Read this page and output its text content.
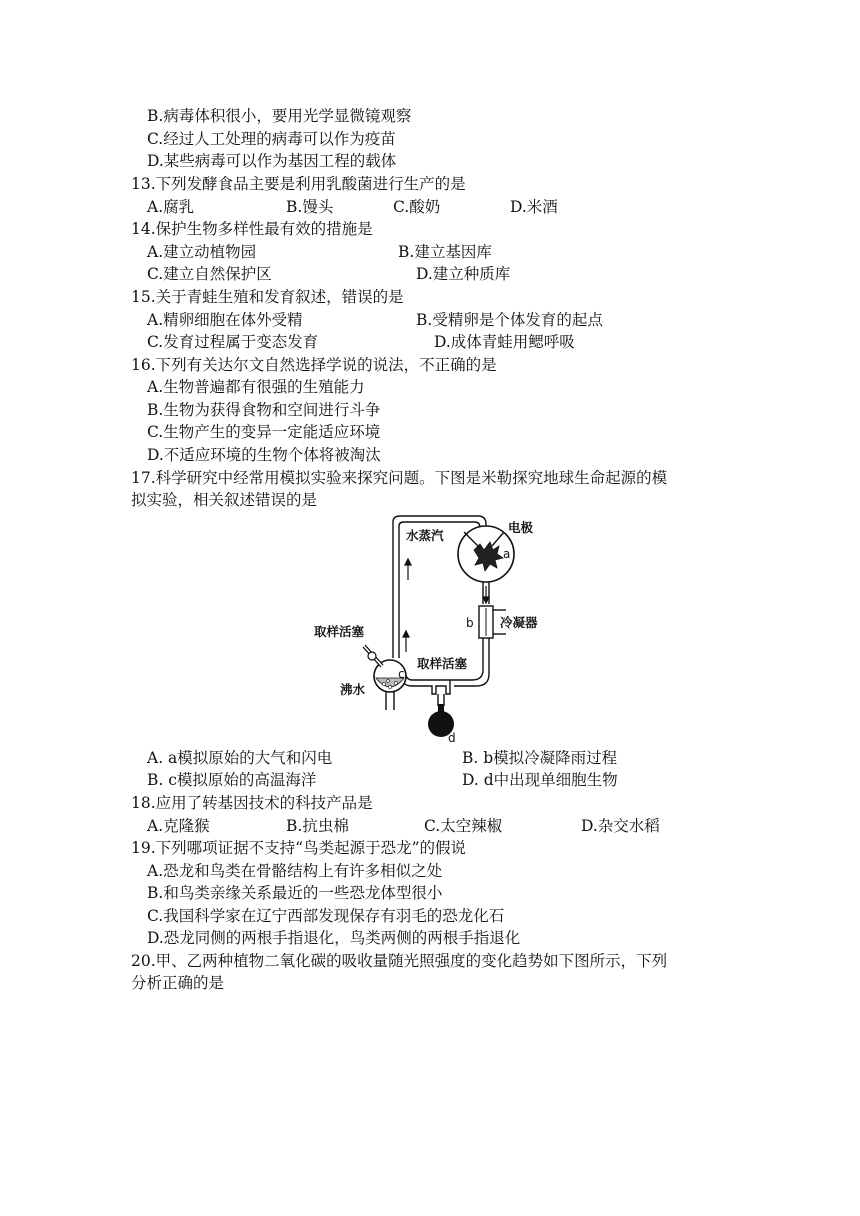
B.病毒体积很小，要用光学显微镜观察
C.经过人工处理的病毒可以作为疫苗
D.某些病毒可以作为基因工程的载体
13.下列发酵食品主要是利用乳酸菌进行生产的是
A.腐乳	B.馒头	C.酸奶	D.米酒
14.保护生物多样性最有效的措施是
A.建立动植物园	B.建立基因库
C.建立自然保护区	D.建立种质库
15.关于青蛙生殖和发育叙述，错误的是
A.精卵细胞在体外受精	B.受精卵是个体发育的起点
C.发育过程属于变态发育	D.成体青蛙用鳃呼吸
16.下列有关达尔文自然选择学说的说法，不正确的是
A.生物普遍都有很强的生殖能力
B.生物为获得食物和空间进行斗争
C.生物产生的变异一定能适应环境
D.不适应环境的生物个体将被淘汰
17.科学研究中经常用模拟实验来探究问题。下图是米勒探究地球生命起源的模
拟实验，相关叙述错误的是
水蒸汽
电极
冷凝器
取样活塞
取样活塞
沸水
a
b
c
d
A. a模拟原始的大气和闪电	B. b模拟冷凝降雨过程
B. c模拟原始的高温海洋	D. d中出现单细胞生物
18.应用了转基因技术的科技产品是
A.克隆猴	B.抗虫棉	C.太空辣椒	D.杂交水稻
19.下列哪项证据不支持“鸟类起源于恐龙”的假说
A.恐龙和鸟类在骨骼结构上有许多相似之处
B.和鸟类亲缘关系最近的一些恐龙体型很小
C.我国科学家在辽宁西部发现保存有羽毛的恐龙化石
D.恐龙同侧的两根手指退化，鸟类两侧的两根手指退化
20.甲、乙两种植物二氧化碳的吸收量随光照强度的变化趋势如下图所示，下列
分析正确的是
